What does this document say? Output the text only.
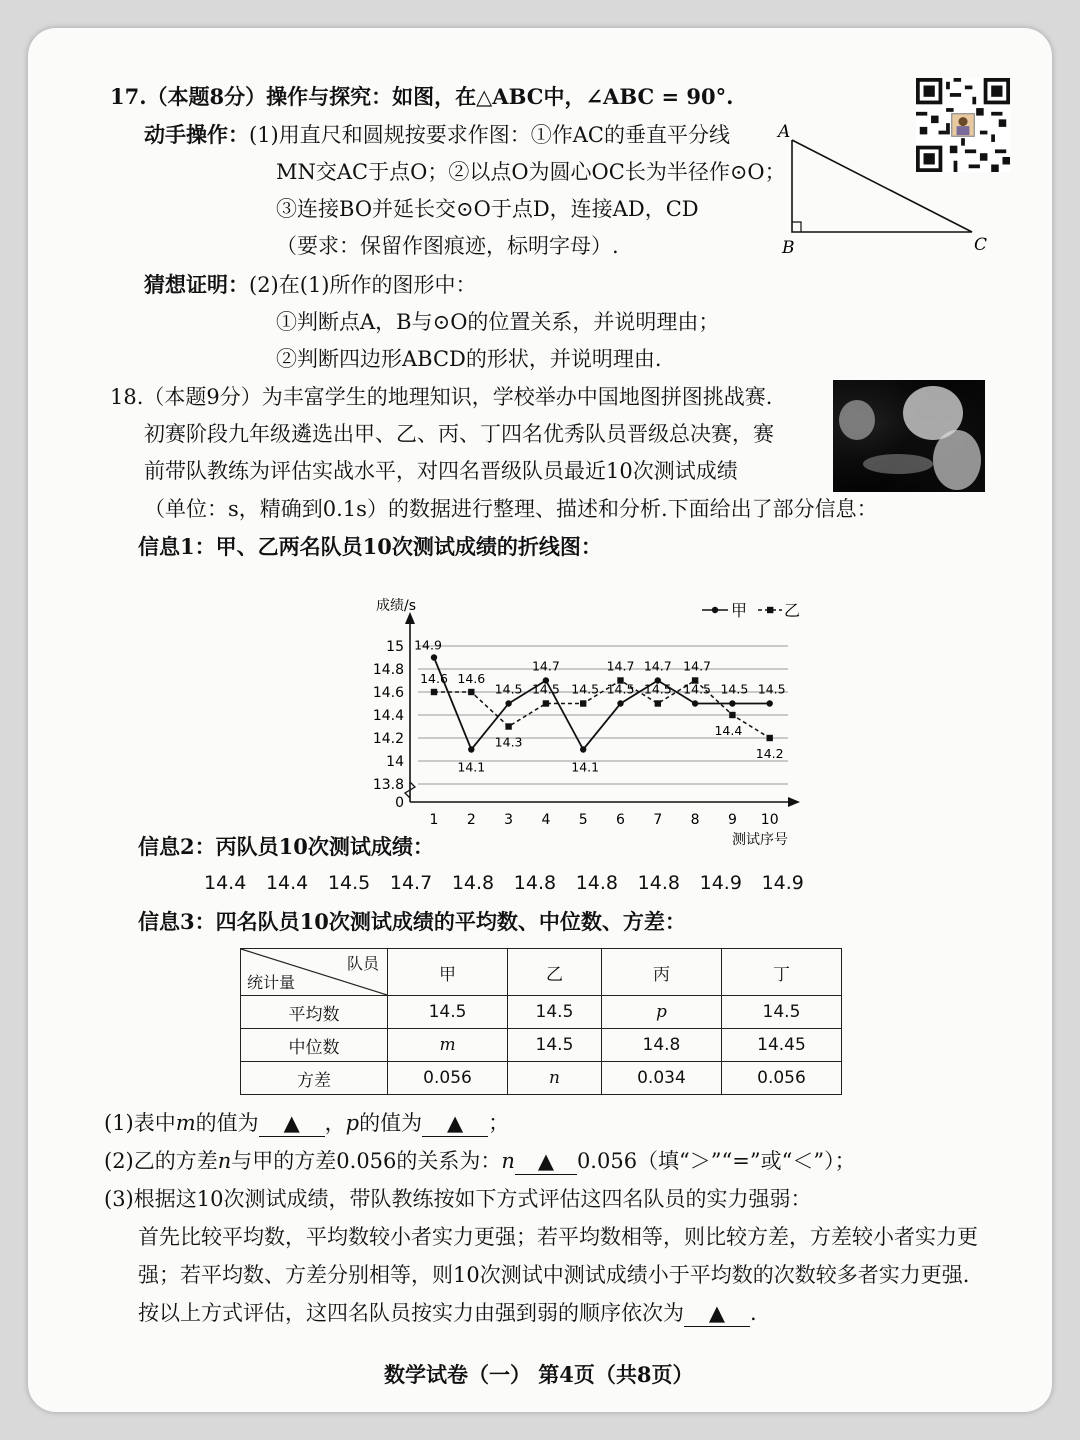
17.（本题8分）操作与探究：如图，在△ABC中，∠ABC = 90°.
动手操作：(1)用直尺和圆规按要求作图：①作AC的垂直平分线
MN交AC于点O；②以点O为圆心OC长为半径作⊙O；
③连接BO并延长交⊙O于点D，连接AD，CD
（要求：保留作图痕迹，标明字母）.
猜想证明：(2)在(1)所作的图形中：
①判断点A，B与⊙O的位置关系，并说明理由；
②判断四边形ABCD的形状，并说明理由.
A
B	C
18.（本题9分）为丰富学生的地理知识，学校举办中国地图拼图挑战赛.
初赛阶段九年级遴选出甲、乙、丙、丁四名优秀队员晋级总决赛，赛
前带队教练为评估实战水平，对四名晋级队员最近10次测试成绩
（单位：s，精确到0.1s）的数据进行整理、描述和分析.下面给出了部分信息：
信息1：甲、乙两名队员10次测试成绩的折线图：
0
13.8
14
14.2
14.4
14.6
14.8
15
1 2 3 4 5 6 7 8 9 10
成绩/s
测试序号
14.9
14.6 14.6
14.1
14.5
14.3
14.7
14.5 14.5
14.1
14.7
14.5
14.7
14.5
14.7
14.5 14.5
14.4
14.5
14.2
甲 乙
信息2：丙队员10次测试成绩：
14.4 14.4 14.5 14.7 14.8 14.8 14.8 14.8 14.9 14.9
信息3：四名队员10次测试成绩的平均数、中位数、方差：
队员
统计量	甲	乙	丙	丁
平均数	14.5	14.5	p	14.5
中位数	m	14.5	14.8	14.45
方差	0.056	n	0.034	0.056
(1)表中m的值为 ▲ ，p的值为 ▲ ；
(2)乙的方差n与甲的方差0.056的关系为：n ▲ 0.056（填“＞”“=”或“＜”）；
(3)根据这10次测试成绩，带队教练按如下方式评估这四名队员的实力强弱：
首先比较平均数，平均数较小者实力更强；若平均数相等，则比较方差，方差较小者实力更
强；若平均数、方差分别相等，则10次测试中测试成绩小于平均数的次数较多者实力更强.
按以上方式评估，这四名队员按实力由强到弱的顺序依次为 ▲ .
数学试卷（一） 第4页（共8页）
